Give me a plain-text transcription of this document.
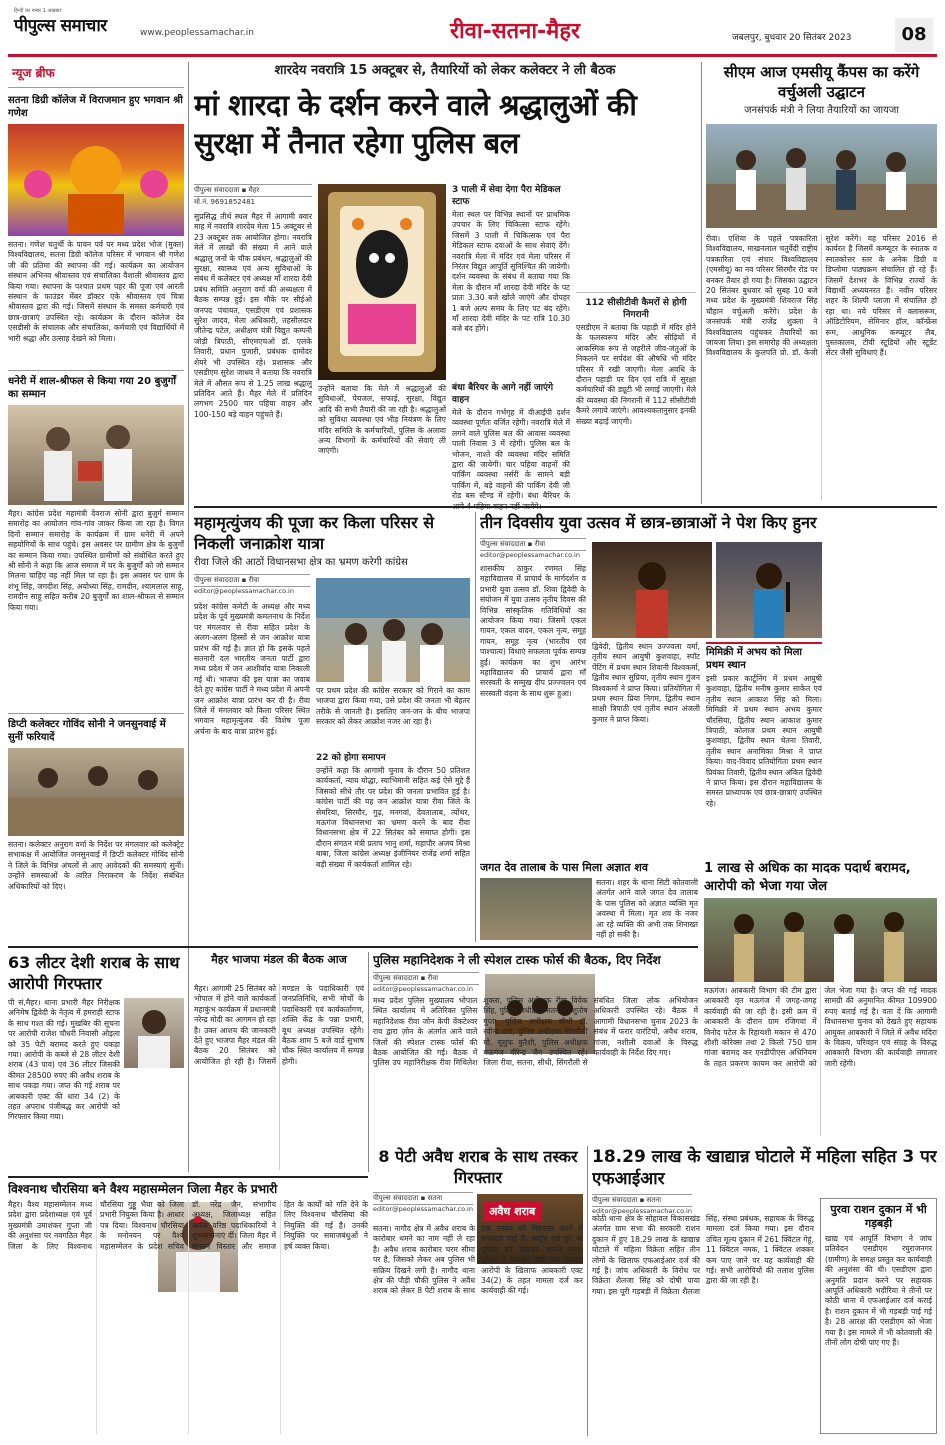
हिन्दी का नम्बर 1 अखबार
पीपुल्स समाचार	www.peoplessamachar.in	रीवा-सतना-मैहर	जबलपुर, बुधवार 20 सितंबर 2023	08
न्यूज ब्रीफ
सतना डिग्री कॉलेज में विराजमान हुए भगवान श्री गणेश
सतना। गणेश चतुर्थी के पावन पर्व पर मध्य प्रदेश भोज (मुक्त) विश्वविद्यालय, सतना डिग्री कॉलेज परिसर में भगवान श्री गणेश जी की प्रतिमा की स्थापना की गई। कार्यक्रम का आयोजन संस्थान अभिनव श्रीवास्तव एवं संचालिका वैशाली श्रीवास्तव द्वारा किया गया। स्थापना के पश्चात प्रथम पहर की पूजा एवं आरती संस्थान के फाउंडर मेंबर डॉक्टर एके श्रीवास्तव एवं चित्रा श्रीवास्तव द्वारा की गई। जिसमें संस्थान के समस्त कर्मचारी एवं छात्र-छात्राएं उपस्थित रहे। कार्यक्रम के दौरान कॉलेज देव एसडीसी के संचालक और संचालिका, कर्मचारी एवं विद्यार्थियों में भारी श्रद्धा और उत्साह देखने को मिला।
धनेरी में शाल-श्रीफल से किया गया 20 बुजुर्गों का सम्मान
मैहर। कांग्रेस प्रदेश महामंत्री देवराज सोनी द्वारा बुजुर्ग सम्मान समारोह का आयोजन गांव-गांव जाकर किया जा रहा है। विगत दिनों सम्मान समारोह के कार्यक्रम में ग्राम धनेरी में अपने सहयोगियों के साथ पहुंचे। इस अवसर पर ग्रामीण क्षेत्र के बुजुर्गों का सम्मान किया गया। उपस्थित ग्रामीणों को संबोधित करते हुए श्री सोनी ने कहा कि आज समाज में घर के बुजुर्गों को जो सम्मान मिलना चाहिए वह नहीं मिल पा रहा है। इस अवसर पर ग्राम के शंभू सिंह, जगदीश सिंह, अयोध्या सिंह, रामदीन, श्यामलाल साहू, रामदीन साहू सहित करीब 20 बुजुर्गों का शाल-श्रीफल से सम्मान किया गया।
डिप्टी कलेक्टर गोविंद सोनी ने जनसुनवाई में सुनीं फरियादें
सतना। कलेक्टर अनुराग वर्मा के निर्देश पर मंगलवार को कलेक्ट्रेट सभाकक्ष में आयोजित जनसुनवाई में डिप्टी कलेक्टर गोविंद सोनी ने जिले के विभिन्न अंचलों से आए आवेदकों की समस्याएं सुनीं। उन्होंने समस्याओं के त्वरित निराकरण के निर्देश संबंधित अधिकारियों को दिए।
शारदेय नवरात्रि 15 अक्टूबर से, तैयारियों को लेकर कलेक्टर ने ली बैठक
मां शारदा के दर्शन करने वाले श्रद्धालुओं की सुरक्षा में तैनात रहेगा पुलिस बल
पीपुल्स संवाददाता ▪ मैहर
मो.नं. 9691852481
सुप्रसिद्ध तीर्थ स्थल मैहर में आगामी क्वार माह में नवरात्रि शारदेय मेला 15 अक्टूबर से 23 अक्टूबर तक आयोजित होगा। नवरात्रि मेले में लाखों की संख्या में आने वाले श्रद्धालु जनों के चौक प्रबंधन, श्रद्धालुओं की सुरक्षा, स्वास्थ्य एवं अन्य सुविधाओं के संबंध में कलेक्टर एवं अध्यक्ष माँ शारदा देवी प्रबंध समिति अनुराग वर्मा की अध्यक्षता में बैठक सम्पन्न हुई। इस मौके पर सीईओ जनपद पंचायत, एसडीएम एवं प्रशासक सुरेश जादव, मेला अधिकारी, तहसीलदार जीतेन्द्र पटेल, अधीक्षण यंत्री विद्युत कम्पनी जोड़ी त्रिपाठी, सीएमएचओ डॉ. एलके तिवारी, प्रधान पुजारी, प्रबंधक दामोदर शेयरे भी उपस्थित रहे। प्रशासक और एसडीएम सुरेश जाधव ने बताया कि नवरात्रि मेले में औसत रूप से 1.25 लाख श्रद्धालु प्रतिदिन आते हैं। मैहर मेले में प्रतिदिन लगभग 2500 चार पहिया वाहन और 100-150 बड़े वाहन पहुंचते हैं।
उन्होंने बताया कि मेले में श्रद्धालुओं की सुविधाओं, पेयजल, सफाई, सुरक्षा, विद्युत आदि की सभी तैयारी की जा रही है। श्रद्धालुओं को सुविधा व्यवस्था एवं भीड़ नियंत्रण के लिए मंदिर समिति के कर्मचारियों, पुलिस के अलावा अन्य विभागों के कर्मचारियों की सेवाएं ली जाएंगी।
3 पाली में सेवा देगा पैरा मेडिकल स्टाफ
मेला स्थल पर विभिन्न स्थानों पर प्राथमिक उपचार के लिए चिकित्सा स्टाफ रहेंगे। जिसमें 3 पाली में चिकित्सक एवं पैरा मेडिकल स्टाफ दवाओं के साथ सेवाएं देंगे। नवरात्रि मेला में मंदिर एवं मेला परिसर में निरंतर विद्युत आपूर्ति सुनिश्चित की जायेगी। दर्शन व्यवस्था के संबंध में बताया गया कि मेला के दौरान माँ शारदा देवी मंदिर के पट प्रातः 3.30 बजे खोले जाएंगे और दोपहर 1 बजे अल्प समय के लिए पट बंद रहेंगे। माँ शारदा देवी मंदिर के पट रात्रि 10.30 बजे बंद होंगे।
बंधा बैरियर के आगे नहीं जाएंगे वाहन
मेले के दौरान गर्भगृह में वीआईपी दर्शन व्यवस्था पूर्णतः वर्जित रहेगी। नवरात्रि मेले में लगने वाले पुलिस बल की आवास व्यवस्था पाली निवास 3 में रहेगी। पुलिस बल के भोजन, नाश्ते की व्यवस्था मंदिर समिति द्वारा की जायेगी। चार पहिया वाहनों की पार्किंग व्यवस्था नर्सरी के सामने बड़ी पार्किंग में, बड़े वाहनों की पार्किंग देवी जी रोड बस स्टैण्ड में रहेगी। बंधा बैरियर के
112 सीसीटीवी कैमरों से होगी निगरानी
एसडीएम ने बताया कि पहाड़ी में मंदिर होने के फलस्वरूप मंदिर और सीढ़ियों में आकस्मिक रूप से जहरीले जीव-जंतुओं के निकलने पर सर्पदंश की औषधि भी मंदिर परिसर में रखी जाएगी। मेला अवधि के दौरान पहाड़ी पर दिन एवं रात्रि में सुरक्षा कर्मचारियों की ड्यूटी भी लगाई जाएगी। मेले की व्यवस्था की निगरानी में 112 सीसीटीवी कैमरे लगाये जाएंगे। आवश्यकतानुसार इनकी संख्या बढ़ाई जाएगी।
सीएम आज एमसीयू कैंपस का करेंगे वर्चुअली उद्घाटन
जनसंपर्क मंत्री ने लिया तैयारियों का जायजा
रीवा। एशिया के पहले पत्रकारिता विश्वविद्यालय, माखनलाल चतुर्वेदी राष्ट्रीय पत्रकारिता एवं संचार विश्वविद्यालय (एमसीयू) का नव परिसर सिरमौर रोड पर बनकर तैयार हो गया है। जिसका उद्घाटन 20 सितंबर बुधवार को सुबह 10 बजे मध्य प्रदेश के मुख्यमंत्री शिवराज सिंह चौहान वर्चुअली करेंगे। प्रदेश के जनसंपर्क मंत्री राजेंद्र शुक्ला ने विश्वविद्यालय पहुंचकर तैयारियों का जायजा लिया। इस समारोह की अध्यक्षता विश्वविद्यालय के कुलपति प्रो. डॉ. केजी सुरेश करेंगे। यह परिसर 2016 से कार्यरत है जिसमें कम्प्यूटर के स्नातक व स्नातकोत्तर स्तर के अनेक डिग्री व डिप्लोमा पाठ्यक्रम संचालित हो रहे हैं। जिसमें देशभर के विभिन्न राज्यों के विद्यार्थी अध्ययनरत हैं। नवीन परिसर शहर के शिल्पी प्लाजा में संचालित हो रहा था। नये परिसर में क्लासरूम, ऑडिटोरियम, सेमिनार हॉल, कॉन्फ्रेंस रूम, आधुनिक कम्प्यूटर लैब, पुस्तकालय, टीवी स्टूडियो और स्टूडेंट सेंटर जैसी सुविधाएं हैं।
महामृत्युंजय की पूजा कर किला परिसर से निकली जनाक्रोश यात्रा
रीवा जिले की आठों विधानसभा क्षेत्र का भ्रमण करेगी कांग्रेस
पीपुल्स संवाददाता ▪ रीवा
editor@peoplessamachar.co.in
प्रदेश कांग्रेस कमेटी के अध्यक्ष और मध्य प्रदेश के पूर्व मुख्यमंत्री कमलनाथ के निर्देश पर मंगलवार से रीवा सहित प्रदेश के अलग-अलग हिस्सों से जन आक्रोश यात्रा प्रारंभ की गई है। ज्ञात हो कि इसके पहले सतनारी दल भारतीय जनता पार्टी द्वारा मध्य प्रदेश में जन आशीर्वाद यात्रा निकाली गई थी। भाजपा की इस यात्रा का जवाब देते हुए कांग्रेस पार्टी ने मध्य प्रदेश में अपनी जन आक्रोश यात्रा प्रारंभ कर दी है। रीवा जिले में मंगलवार को किला परिसर स्थित भगवान महामृत्युंजय की विशेष पूजा अर्चना के बाद यात्रा प्रारंभ हुई।
पर प्रथम प्रदेश की कांग्रेस सरकार को गिराने का काम भाजपा द्वारा किया गया, उसे प्रदेश की जनता भी बेहतर तरीके से जानती है। इसलिए जन-जन के बीच भाजपा सरकार को लेकर आक्रोश नजर आ रहा है।
22 को होगा समापन
उन्होंने कहा कि आगामी चुनाव के दौरान 50 प्रतिशत कार्यकर्ता, न्याय योद्धा, स्वाभिमानी सहित कई ऐसे मुद्दे हैं जिसको सीधे तौर पर प्रदेश की जनता प्रभावित हुई है। कांग्रेस पार्टी की यह जन आक्रोश यात्रा रीवा जिले के सेमरिया, सिरमौर, गुढ़, मनगवां, देवतालाब, त्योंथर, मऊगंज विधानसभा का भ्रमण करने के बाद रीवा विधानसभा क्षेत्र में 22 सितंबर को समाप्त होगी। इस दौरान संगठन मंत्री प्रताप भानु शर्मा, महापौर अजय मिश्रा बाबा, जिला कांग्रेस अध्यक्ष इंजीनियर राजेंद्र शर्मा सहित बड़ी संख्या में कार्यकर्ता शामिल रहे।
तीन दिवसीय युवा उत्सव में छात्र-छात्राओं ने पेश किए हुनर
पीपुल्स संवाददाता ▪ रीवा
editor@peoplessamachar.co.in
शासकीय ठाकुर रणमत सिंह महाविद्यालय में प्राचार्य के मार्गदर्शन व प्रभारी युवा उत्सव डॉ. शिवा द्विवेदी के संयोजन में युवा उत्सव तृतीय दिवस की विभिन्न सांस्कृतिक गतिविधियों का आयोजन किया गया। जिसमें एकल गायन, एकल वादन, एकल नृत्य, समूह गायन, समूह नृत्य (भारतीय एवं पाश्चात्य) विधाएं सफलता पूर्वक सम्पन्न हुईं। कार्यक्रम का शुभ आरंभ महाविद्यालय की प्राचार्य द्वारा माँ सरस्वती के सम्मुख दीप प्रज्ज्वलन एवं सरस्वती वंदना के साथ शुरू हुआ।
द्विवेदी, द्वितीय स्थान उज्ज्वला वर्मा, तृतीय स्थान आयुषी कुशवाहा, स्पॉट पेंटिंग में प्रथम स्थान शिवानी विश्वकर्मा, द्वितीय स्थान सुप्रिया, तृतीय स्थान गुंजन विश्वकर्मा ने प्राप्त किया। प्रतियोगिता में प्रथम स्थान प्रिया निगम, द्वितीय स्थान साक्षी त्रिपाठी एवं तृतीय स्थान अंजली कुमार ने प्राप्त किया।
मिमिक्री में अभय को मिला प्रथम स्थान
इसी प्रकार कार्टूनिंग में प्रथम आयुषी कुशवाहा, द्वितीय मनीष कुमार साकेत एवं तृतीय स्थान आकाश सिंह को मिला। मिमिक्री में प्रथम स्थान अभय कुमार चौरसिया, द्वितीय स्थान आकाश कुमार त्रिपाठी, कोलाज प्रथम स्थान आयुषी कुशवाहा, द्वितीय स्थान चेतना तिवारी, तृतीय स्थान अनामिका मिश्रा ने प्राप्त किया। वाद-विवाद प्रतियोगिता प्रथम स्थान प्रियंका तिवारी, द्वितीय स्थान अंकित द्विवेदी ने प्राप्त किया। इस दौरान महाविद्यालय के समस्त प्राध्यापक एवं छात्र-छात्राएं उपस्थित रहे।
जगत देव तालाब के पास मिला अज्ञात शव
सतना। शहर के थाना सिटी कोतवाली अंतर्गत आने वाले जगत देव तालाब के पास पुलिस को अज्ञात व्यक्ति मृत अवस्था में मिला। मृत शव के नजर आ रहे व्यक्ति की अभी तक शिनाख्त नहीं हो सकी है।
1 लाख से अधिक का मादक पदार्थ बरामद, आरोपी को भेजा गया जेल
मऊगंज। आबकारी विभाग की टीम द्वारा आबकारी वृत मऊगंज में जगह-जगह कार्यवाही की जा रही है। इसी क्रम में आबकारी के दौरान ग्राम रजिगवां में विनोद पटेल के रिहायशी मकान से 470 शीशी कोरेक्स तथा 2 किलो 750 ग्राम गांजा बरामद कर एनडीपीएस अधिनियम के तहत प्रकरण कायम कर आरोपी को जेल भेजा गया है। जप्त की गई मादक सामग्री की अनुमानित कीमत 109900 रुपए बताई गई है। वता दें कि आगामी विधानसभा चुनाव को देखते हुए सहायक आयुक्त आबकारी ने जिले में अवैध मदिरा के विक्रय, परिवहन एवं संग्रह के विरुद्ध आबकारी विभाग की कार्यवाही लगातार जारी रहेगी।
63 लीटर देशी शराब के साथ आरोपी गिरफ्तार
पी सं,मैहर। थाना प्रभारी मैहर निरीक्षक अनिमेष द्विवेदी के नेतृत्व में हमराही स्टाफ के साथ गश्त की गई। मुखबिर की सूचना पर आरोपी राजेश चौधरी निवासी ओइला को 35 पेटी बरामद करते हुए पकड़ा गया। आरोपी के कब्जे से 28 लीटर देशी शराब (43 पाव) एवं 36 लीटर जिसकी कीमत 28500 रुपए की अवैध शराब के साथ पकड़ा गया। जप्त की गई शराब पर आबकारी एक्ट की धारा 34 (2) के तहत अपराध पंजीबद्ध कर आरोपी को गिरफ्तार किया गया।
मैहर भाजपा मंडल की बैठक आज
मैहर। आगामी 25 सितंबर को भोपाल में होने वाले कार्यकर्ता महाकुंभ कार्यक्रम में प्रधानमंत्री नरेन्द्र मोदी का आगमन हो रहा है। उक्त आशय की जानकारी देते हुए भाजपा मैहर मंडल की बैठक 20 सितंबर को आयोजित हो रही है। जिसमें मण्डल के पदाधिकारी एवं जनप्रतिनिधि, सभी मोर्चों के पदाधिकारी एवं कार्यकर्तागण, शक्ति केंद्र के पन्ना प्रभारी, बूथ अध्यक्ष उपस्थित रहेंगे। बैठक शाम 5 बजे वार्ड सुभाष चौक स्थित कार्यालय में सम्पन्न होगी।
पुलिस महानिदेशक ने ली स्पेशल टास्क फोर्स की बैठक, दिए निर्देश
पीपुल्स संवाददाता ▪ रीवा
editor@peoplessamachar.co.in
मध्य प्रदेश पुलिस मुख्यालय भोपाल स्थित कार्यालय में अतिरिक्त पुलिस महानिदेशक रीवा जोन केपी वेंकटेश्वर राव द्वारा ज़ोन के अंतर्गत आने वाले जिलों की स्पेशल टास्क फोर्स की बैठक आयोजित की गई। बैठक में पुलिस उप महानिरीक्षक रीवा मिथिलेश शुक्ला, पुलिस अधीक्षक रीवा विवेक सिंह, पुलिस अधीक्षक सतना आशुतोष गुप्ता, पुलिस अधीक्षक सीधी डॉ. रवीन्द्र वर्मा, पुलिस अधीक्षक सिंगरौली मो. यूसुफ कुरैशी, पुलिस अधीक्षक मऊगंज वीरेन्द्र जैन उपस्थित रहे। जिला रीवा, सतना, सीधी, सिंगरौली से संबंधित जिला लोक अभियोजन अधिकारी उपस्थित रहे। बैठक में आगामी विधानसभा चुनाव 2023 के संबंध में फरार वारंटियों, अवैध शराब, गांजा, नशीली दवाओं के विरुद्ध कार्यवाही के निर्देश दिए गए।
8 पेटी अवैध शराब के साथ तस्कर गिरफ्तार
पीपुल्स संवाददाता ▪ सतना
editor@peoplessamachar.co.in	अवैध शराब
सतना। नागौद क्षेत्र में अवैध शराब के कारोबार थमने का नाम नहीं ले रहा है। अवैध शराब कारोबार चरम सीमा पर है, जिसको लेकर अब पुलिस भी सक्रिय दिखने लगी है। नागौद थाना क्षेत्र की पौड़ी चौकी पुलिस ने अवैध शराब को लेकर 8 पेटी शराब के साथ एक तस्कर को गिरफ्तार करने में सफलता पाई है। कार्टून रखे हुए था पुलिस को देखकर भागने लगा। पुलिस ने तत्काल पीछा कर पकड़ा। आरोपी के खिलाफ आबकारी एक्ट 34(2) के तहत मामला दर्ज कर कार्यवाही की गई।
18.29 लाख के खाद्यान्न घोटाले में महिला सहित 3 पर एफआईआर
पीपुल्स संवाददाता ▪ सतना
editor@peoplessamachar.co.in
कोठी थाना क्षेत्र के सोहावल विकासखंड अंतर्गत ग्राम सभा की सरकारी राशन दुकान में हुए 18.29 लाख के खाद्यान्न घोटाले में महिला विक्रेता सहित तीन लोगों के खिलाफ एफआईआर दर्ज की गई है। जांच अधिकारी के विरोध पर विक्रेता शैलजा सिंह को दोषी पाया गया। इस पूरी गड़बड़ी में विक्रेता शैलजा सिंह, संस्था प्रबंधक, सहायक के विरुद्ध मामला दर्ज किया गया। इस दौरान उचित मूल्य दुकान में 261 क्विंटल गेहूं, 11 क्विंटल नमक, 1 क्विंटल शक्कर कम पाए जाने पर यह कार्यवाही की गई। सभी आरोपियों की तलाश पुलिस द्वारा की जा रही है।
पुरवा राशन दुकान में भी गड़बड़ी
खाद्य एवं आपूर्ति विभाग ने जांच प्रतिवेदन एसडीएम रघुराजनगर (ग्रामीण) के समक्ष प्रस्तुत कर कार्यवाही की अनुशंसा की थी। एसडीएम द्वारा अनुमति प्रदान करने पर सहायक आपूर्ति अधिकारी भदौरिया ने तीनों पर कोठी थाना में एफआईआर दर्ज कराई है। राशन दुकान में भी गड़बड़ी पाई गई है। 28 आरक्ष की एसडीएम को भेजा गया है। इस मामले में भी कोतवाली की तीनों लोग दोषी पाए गए हैं।
विश्वनाथ चौरसिया बने वैश्य महासम्मेलन जिला मैहर के प्रभारी
मैहर। वैश्य महासम्मेलन मध्य प्रदेश द्वारा प्रदेशाध्यक्ष एवं पूर्व मुख्यमंत्री उमाशंकर गुप्ता जी की अनुशंसा पर नवगठित मैहर जिला के लिए विश्वनाथ चौरसिया गुड्डू भैया को जिला प्रभारी नियुक्त किया है। आधार पत्र दिया। विश्वनाथ चौरसिया के मनोनयन पर वैश्य महासम्मेलन के प्रदेश सचिव डॉ. नरेंद्र जैन, संभागीय अध्यक्ष, जिलाध्यक्ष सहित अनेक वरिष्ठ पदाधिकारियों ने शुभकामनाएं दीं। जिला मैहर में संगठन विस्तार और समाज हित के कार्यों को गति देने के लिए विश्वनाथ चौरसिया की नियुक्ति की गई है। उनकी नियुक्ति पर समाजबंधुओं ने हर्ष व्यक्त किया।
